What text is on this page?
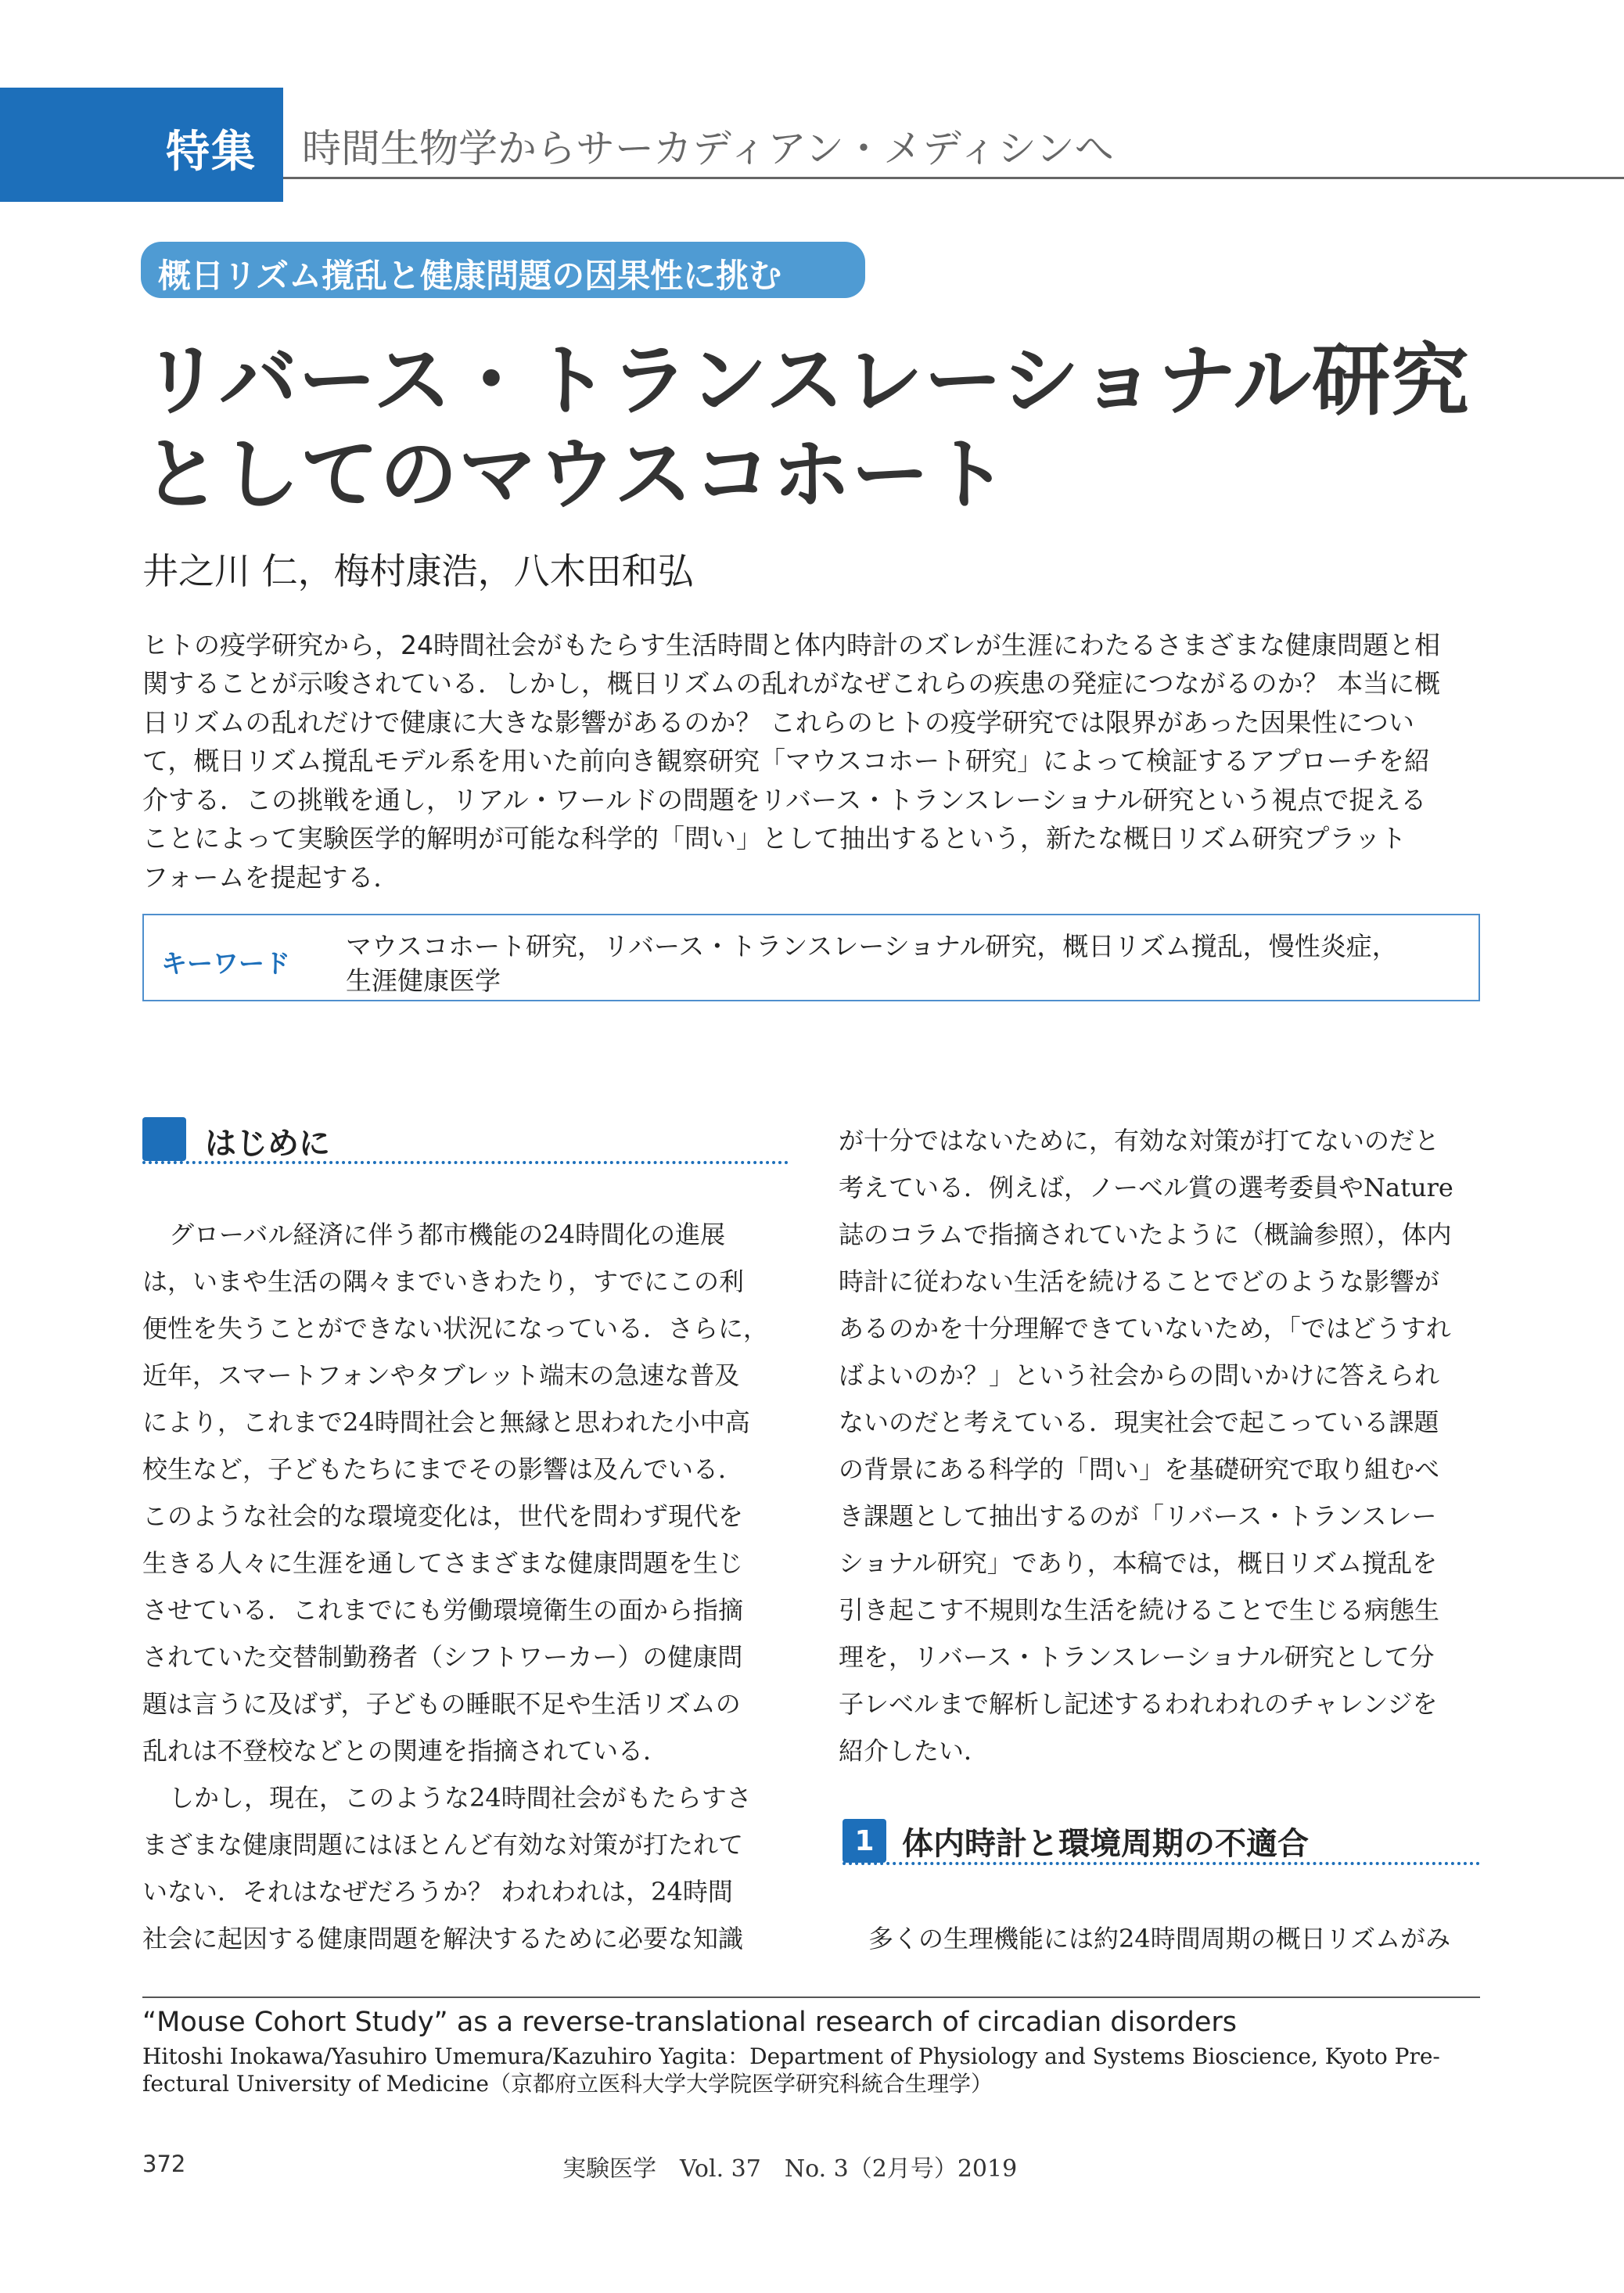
特集 時間生物学からサーカディアン・メディシンへ
概日リズム撹乱と健康問題の因果性に挑む
リバース・トランスレーショナル研究
としてのマウスコホート
井之川 仁，梅村康浩，八木田和弘
ヒトの疫学研究から，24時間社会がもたらす生活時間と体内時計のズレが生涯にわたるさまざまな健康問題と相
関することが示唆されている．しかし，概日リズムの乱れがなぜこれらの疾患の発症につながるのか？ 本当に概
日リズムの乱れだけで健康に大きな影響があるのか？ これらのヒトの疫学研究では限界があった因果性につい
て，概日リズム撹乱モデル系を用いた前向き観察研究「マウスコホート研究」によって検証するアプローチを紹
介する．この挑戦を通し，リアル・ワールドの問題をリバース・トランスレーショナル研究という視点で捉える
ことによって実験医学的解明が可能な科学的「問い」として抽出するという，新たな概日リズム研究プラット
フォームを提起する．
キーワード
マウスコホート研究，リバース・トランスレーショナル研究，概日リズム撹乱，慢性炎症，
生涯健康医学
はじめに
グローバル経済に伴う都市機能の24時間化の進展
は，いまや生活の隅々までいきわたり，すでにこの利
便性を失うことができない状況になっている．さらに，
近年，スマートフォンやタブレット端末の急速な普及
により，これまで24時間社会と無縁と思われた小中高
校生など，子どもたちにまでその影響は及んでいる．
このような社会的な環境変化は，世代を問わず現代を
生きる人々に生涯を通してさまざまな健康問題を生じ
させている．これまでにも労働環境衛生の面から指摘
されていた交替制勤務者（シフトワーカー）の健康問
題は言うに及ばず，子どもの睡眠不足や生活リズムの
乱れは不登校などとの関連を指摘されている．
しかし，現在，このような24時間社会がもたらすさ
まざまな健康問題にはほとんど有効な対策が打たれて
いない．それはなぜだろうか？ われわれは，24時間
社会に起因する健康問題を解決するために必要な知識
が十分ではないために，有効な対策が打てないのだと
考えている．例えば，ノーベル賞の選考委員やNature
誌のコラムで指摘されていたように（概論参照），体内
時計に従わない生活を続けることでどのような影響が
あるのかを十分理解できていないため，「ではどうすれ
ばよいのか？」という社会からの問いかけに答えられ
ないのだと考えている．現実社会で起こっている課題
の背景にある科学的「問い」を基礎研究で取り組むべ
き課題として抽出するのが「リバース・トランスレー
ショナル研究」であり，本稿では，概日リズム撹乱を
引き起こす不規則な生活を続けることで生じる病態生
理を，リバース・トランスレーショナル研究として分
子レベルまで解析し記述するわれわれのチャレンジを
紹介したい．
1 体内時計と環境周期の不適合
多くの生理機能には約24時間周期の概日リズムがみ
“Mouse Cohort Study” as a reverse-translational research of circadian disorders
Hitoshi Inokawa/Yasuhiro Umemura/Kazuhiro Yagita：Department of Physiology and Systems Bioscience, Kyoto Pre-
fectural University of Medicine（京都府立医科大学大学院医学研究科統合生理学）
372	実験医学　Vol. 37　No. 3（2月号）2019
